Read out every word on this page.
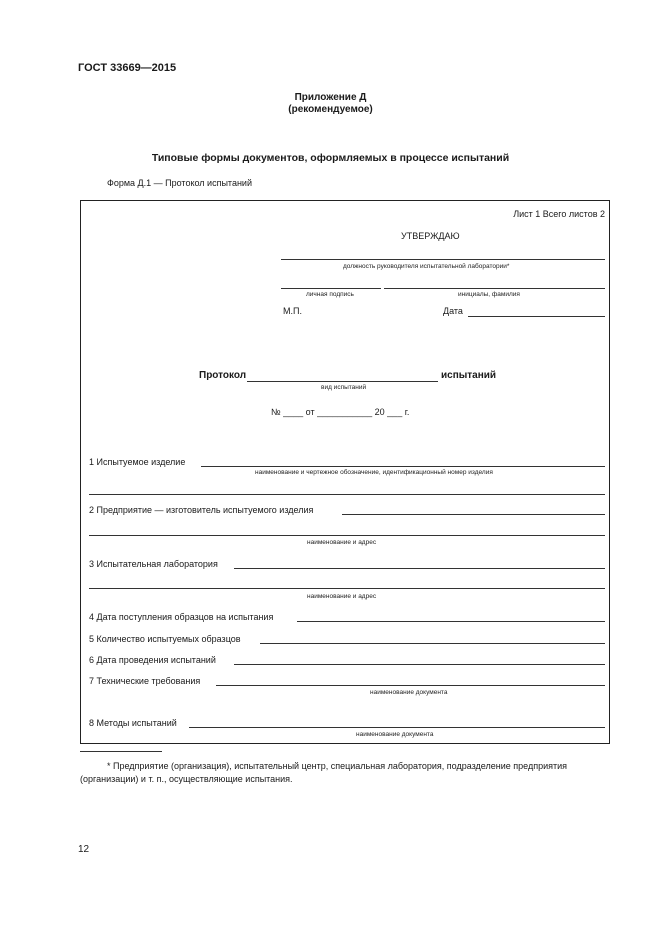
ГОСТ 33669—2015
Приложение Д
(рекомендуемое)
Типовые формы документов, оформляемых в процессе испытаний
Форма Д.1 — Протокол испытаний
Лист 1 Всего листов 2
УТВЕРЖДАЮ
должность руководителя испытательной лаборатории*
личная подпись	инициалы, фамилия
М.П.	Дата
Протокол	испытаний
вид испытаний
№ ____ от ___________ 20 ___ г.
1 Испытуемое изделие
наименование и чертежное обозначение, идентификационный номер изделия
2 Предприятие — изготовитель испытуемого изделия
наименование и адрес
3 Испытательная лаборатория
наименование и адрес
4 Дата поступления образцов на испытания
5 Количество испытуемых образцов
6 Дата проведения испытаний
7 Технические требования
наименование документа
8 Методы испытаний
наименование документа
* Предприятие (организация), испытательный центр, специальная лаборатория, подразделение предприятия (организации) и т. п., осуществляющие испытания.
12
